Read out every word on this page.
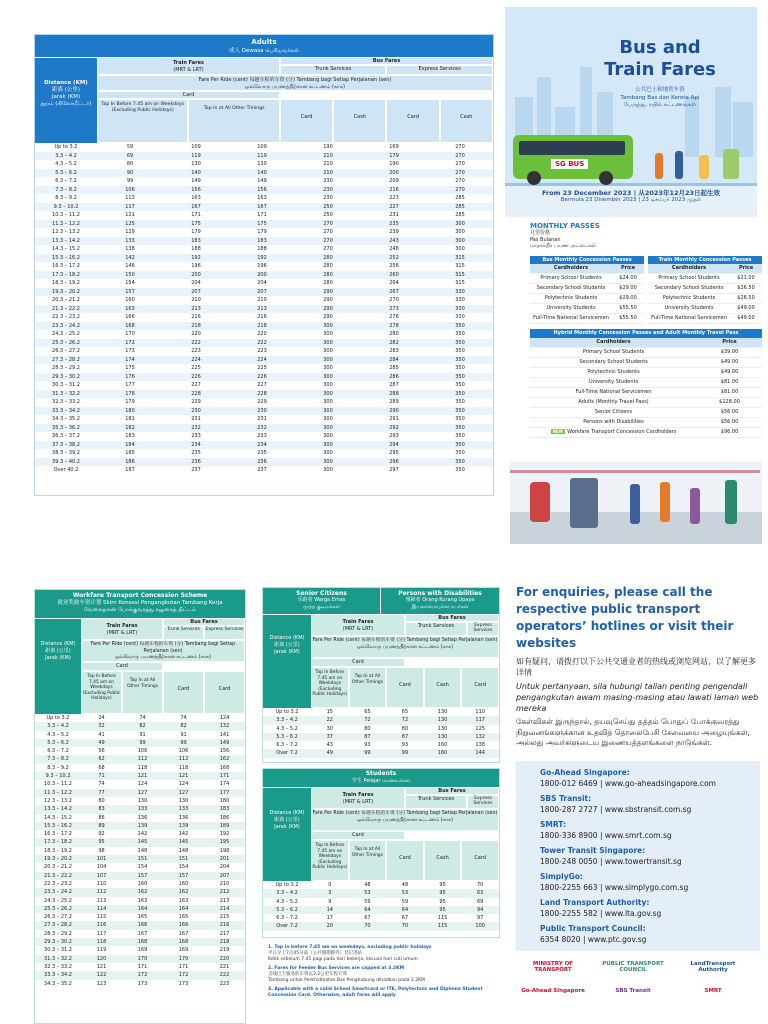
Adults
成人 Dewasa பெரியவர்கள்
Distance (KM)
距离 (公里)
Jarak (KM)
தூரம் (கிலோமீட்டர்)
Train Fares
(MRT & LRT)
Bus Fares
Trunk Services	Express Services
Fare Per Ride (cent) 每趟车程的车资 (分) Tambang bagi Setiap Perjalanan (sen)
ஒவ்வொரு பயணத்திற்கான கட்டணம் (காசு)
Card
Tap In Before 7.45 am on Weekdays (Excluding Public Holidays)	Tap In at All Other Timings
Card	Cash	Card	Cash
Up to 3.2	59	109	109	190	169	270
3.3 – 4.2	69	119	119	210	179	270
4.3 – 5.2	80	130	130	210	190	270
5.3 – 6.2	90	140	140	210	200	270
6.3 – 7.2	99	149	149	230	209	270
7.3 – 8.2	106	156	156	230	216	270
8.3 – 9.2	113	163	163	230	223	285
9.3 – 10.2	117	167	167	250	227	285
10.3 – 11.2	121	171	171	250	231	285
11.3 – 12.2	125	175	175	270	235	300
12.3 – 13.2	129	179	179	270	239	300
13.3 – 14.2	133	183	183	270	243	300
14.3 – 15.2	138	188	188	270	248	300
15.3 – 16.2	142	192	192	280	252	315
16.3 – 17.2	146	196	196	280	256	315
17.3 – 18.2	150	200	200	280	260	315
18.3 – 19.2	154	204	204	280	264	315
19.3 – 20.2	157	207	207	290	267	330
20.3 – 21.2	160	210	210	290	270	330
21.3 – 22.2	163	213	213	290	273	330
22.3 – 23.2	166	216	216	290	276	330
23.3 – 24.2	168	218	218	300	278	350
24.3 – 25.2	170	220	220	300	280	350
25.3 – 26.2	172	222	222	300	282	350
26.3 – 27.2	173	223	223	300	283	350
27.3 – 28.2	174	224	224	300	284	350
28.3 – 29.2	175	225	225	300	285	350
29.3 – 30.2	176	226	226	300	286	350
30.3 – 31.2	177	227	227	300	287	350
31.3 – 32.2	178	228	228	300	288	350
32.3 – 33.2	179	229	229	300	289	350
33.3 – 34.2	180	230	230	300	290	350
34.3 – 35.2	181	231	231	300	291	350
35.3 – 36.2	182	232	232	300	292	350
36.3 – 37.2	183	233	233	300	293	350
37.3 – 38.2	184	234	234	300	294	350
38.3 – 39.2	185	235	235	300	295	350
39.3 – 40.2	186	236	236	300	296	350
Over 40.2	187	237	237	300	297	350
Bus and
Train Fares
公共巴士和地铁车资
Tambang Bas dan Kereta Api
பேருந்து, ரயில் கட்டணங்கள்
SG BUS
From 23 December 2023 | 从2023年12月23日起生效
Bermula 23 Disember 2023 | 23 டிசம்பர் 2023 முதல்
MONTHLY PASSES
月票价格
Pas Bulanan
மாதாந்திர பயண அட்டைகள்
Bus Monthly Concession Passes
Cardholders	Price
Primary School Students	$24.00
Secondary School Students	$29.00
Polytechnic Students	$29.00
University Students	$55.50
Full-Time National Servicemen	$55.50
Train Monthly Concession Passes
Cardholders	Price
Primary School Students	$21.00
Secondary School Students	$26.50
Polytechnic Students	$26.50
University Students	$49.00
Full-Time National Servicemen	$49.00
Hybrid Monthly Concession Passes and Adult Monthly Travel Pass
Cardholders	Price
Primary School Students	$39.00
Secondary School Students	$49.00
Polytechnic Students	$49.00
University Students	$81.00
Full-Time National Servicemen	$81.00
Adults (Monthly Travel Pass)	$128.00
Senior Citizens	$56.00
Persons with Disabilities	$56.00
NEW Workfare Transport Concession Cardholders	$96.00
Workfare Transport Concession Scheme
就业奖励车资计划 Skim Konsesi Pengangkutan Tambang Kerja
வேலைநலன் போக்குவரத்து சலுகைத் திட்டம்
Distance (KM)
距离 (公里)
Jarak (KM)
Train Fares
(MRT & LRT)
Bus Fares
Trunk Services	Express Services
Fare Per Ride (cent) 每趟车程的车资 (分) Tambang bagi Setiap Perjalanan (sen)
ஒவ்வொரு பயணத்திற்கான கட்டணம் (காசு)
Card
Tap In Before 7.45 am on Weekdays (Excluding Public Holidays)
Tap In at All Other Timings	Card	Card
Up to 3.2	24	74	74	124
3.3 – 4.2	32	82	82	132
4.3 – 5.2	41	91	91	141
5.3 – 6.2	49	99	99	149
6.3 – 7.2	56	106	106	156
7.3 – 8.2	62	112	112	162
8.3 – 9.2	68	118	118	168
9.3 – 10.2	71	121	121	171
10.3 – 11.2	74	124	124	174
11.3 – 12.2	77	127	127	177
12.3 – 13.2	80	130	130	180
13.3 – 14.2	83	133	133	183
14.3 – 15.2	86	136	136	186
15.3 – 16.2	89	139	139	189
16.3 – 17.2	92	142	142	192
17.3 – 18.2	95	145	145	195
18.3 – 19.2	98	148	148	198
19.3 – 20.2	101	151	151	201
20.3 – 21.2	104	154	154	204
21.3 – 22.2	107	157	157	207
22.3 – 23.2	110	160	160	210
23.3 – 24.2	112	162	162	212
24.3 – 25.2	113	163	163	213
25.3 – 26.2	114	164	164	214
26.3 – 27.2	115	165	165	215
27.3 – 28.2	116	166	166	216
28.3 – 29.2	117	167	167	217
29.3 – 30.2	118	168	168	218
30.3 – 31.2	119	169	169	219
31.3 – 32.2	120	170	170	220
32.3 – 33.2	121	171	171	221
33.3 – 34.2	122	172	172	222
34.3 – 35.2	123	173	173	223
Senior Citizens
乐龄者 Warga Emas
மூத்த குடிமக்கள்
Persons with Disabilities
残障者 Orang Kurang Upaya
இயலாமையுள்ள நபர்கள்
Distance (KM)
距离 (公里)
Jarak (KM)
Train Fares
(MRT & LRT)
Bus Fares
Trunk Services	Express Services
Fare Per Ride (cent) 每趟车程的车资 (分) Tambang bagi Setiap Perjalanan (sen)
ஒவ்வொரு பயணத்திற்கான கட்டணம் (காசு)
Card
Tap In Before 7.45 am on Weekdays (Excluding Public Holidays)
Tap In at All Other Timings	Card	Cash	Card
Up to 3.2	15	65	65	130	110
3.3 – 4.2	22	72	72	130	117
4.3 – 5.2	30	80	80	130	125
5.3 – 6.2	37	87	87	130	132
6.3 – 7.2	43	93	93	160	138
Over 7.2	49	99	99	160	144
Students
学生 Pelajar மாணவர்கள்
Distance (KM)
距离 (公里)
Jarak (KM)
Train Fares
(MRT & LRT)
Bus Fares
Trunk Services	Express Services
Fare Per Ride (cent) 每趟车程的车资 (分) Tambang bagi Setiap Perjalanan (sen)
ஒவ்வொரு பயணத்திற்கான கட்டணம் (காசு)
Card
Tap In Before 7.45 am on Weekdays (Excluding Public Holidays)
Tap In at All Other Timings	Card	Cash	Card
Up to 3.2	0	48	48	95	70
3.3 – 4.2	3	53	53	95	63
4.3 – 5.2	9	59	59	95	69
5.3 – 6.2	14	64	64	95	94
6.3 – 7.2	17	67	67	115	97
Over 7.2	20	70	70	115	100
1. Tap in before 7.45 am on weekdays, excluding public holidays
平日早上7点45分前（公共假期除外）登记进站
Ketik sebelum 7.45 pagi pada hari bekerja, kecuali hari cuti umum
2. Fares for Feeder Bus Services are capped at 3.2KM
支线巴士服务的车资以3.2公里车程计算
Tambang untuk Perkhidmatan Bas Penghubung dihadkan pada 3.2KM
3. Applicable with a valid School Smartcard or ITE, Polytechnic and Diploma Student Concession Card. Otherwise, adult fares will apply
For enquiries, please call the respective public transport operators’ hotlines or visit their websites
如有疑问，请拨打以下公共交通业者的热线或浏览网站，以了解更多详情
Untuk pertanyaan, sila hubungi talian penting pengendali pengangkutan awam masing-masing atau lawati laman web mereka
கேள்விகள் இருந்தால், தயவுசெய்து தத்தம் பொதுப் போக்குவரத்து நிறுவனங்களுக்கான உதவித் தொலைபேசி சேவையை அழையுங்கள், அல்லது அவர்களுடைய இணையத்தளங்களை நாடுங்கள்.
Go-Ahead Singapore:
1800-012 6469 | www.go-aheadsingapore.com
SBS Transit:
1800-287 2727 | www.sbstransit.com.sg
SMRT:
1800-336 8900 | www.smrt.com.sg
Tower Transit Singapore:
1800-248 0050 | www.towertransit.sg
SimplyGo:
1800-2255 663 | www.simplygo.com.sg
Land Transport Authority:
1800-2255 582 | www.lta.gov.sg
Public Transport Council:
6354 8020 | www.ptc.gov.sg
MINISTRY OF TRANSPORT
PUBLIC TRANSPORT COUNCIL
LandTransport Authority
Go-Ahead Singapore	SBS Transit	SMRT
